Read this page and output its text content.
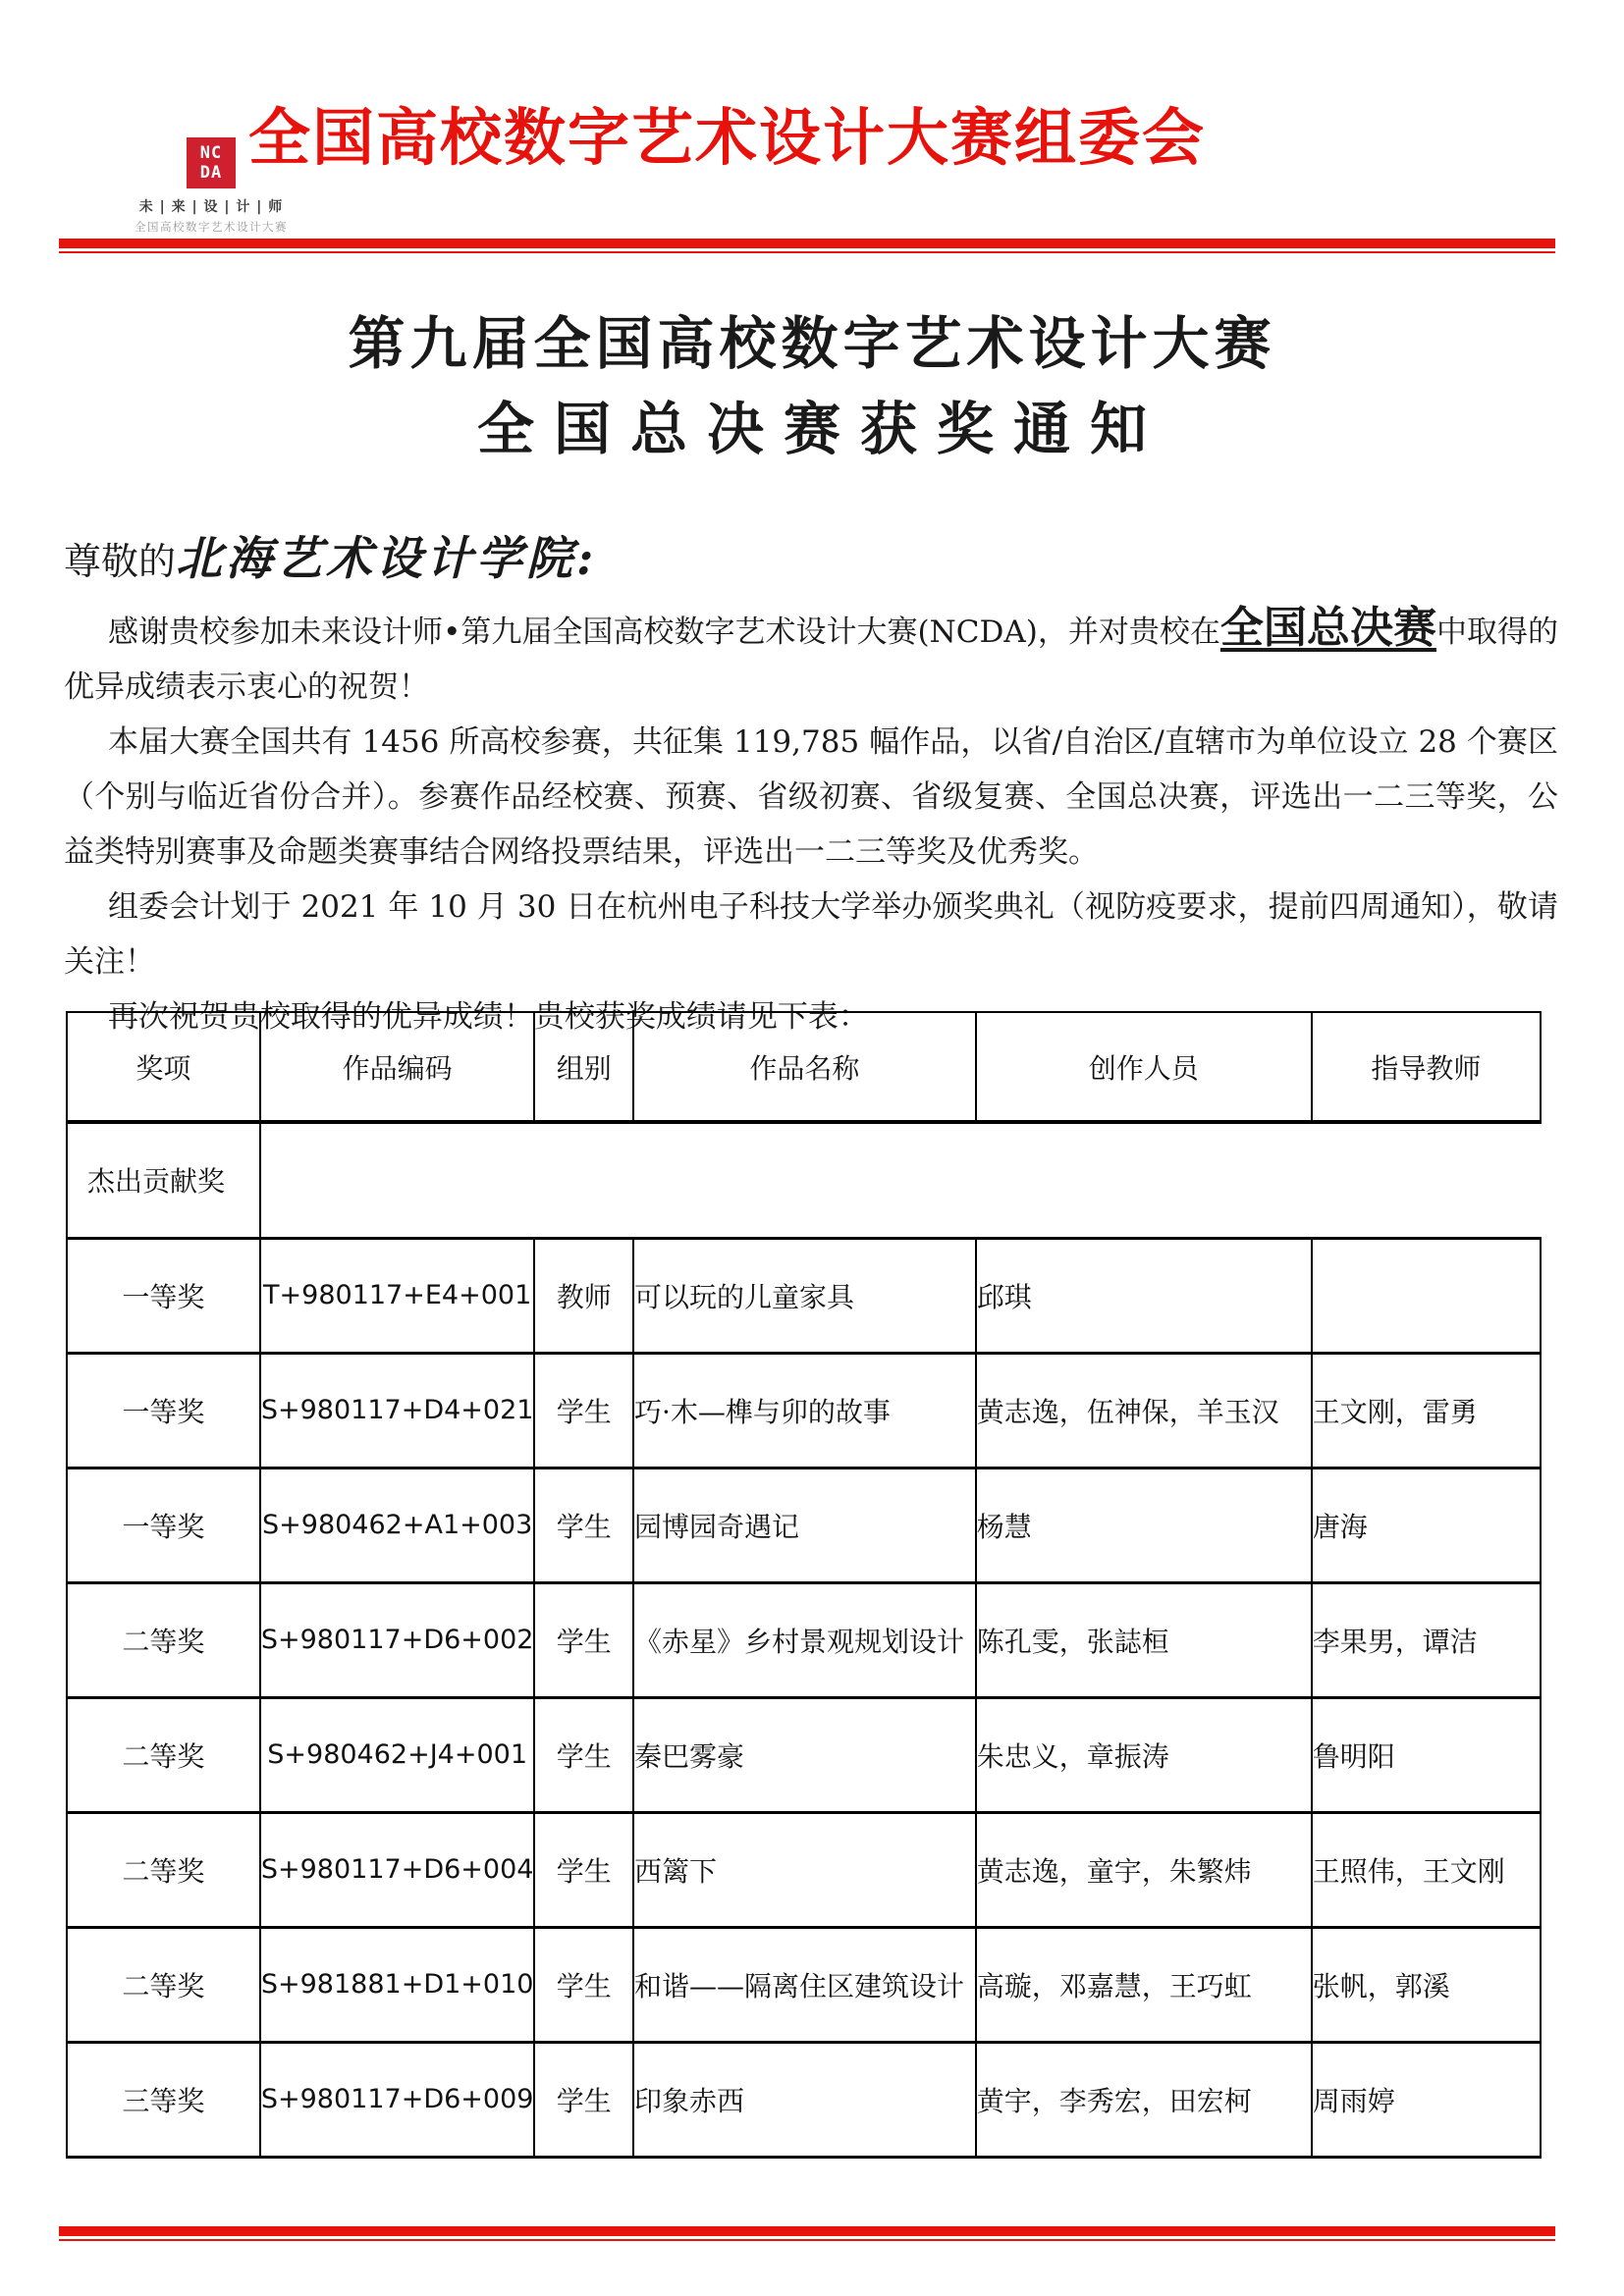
NC
DA
未 | 来 | 设 | 计 | 师
全国高校数字艺术设计大赛
全国高校数字艺术设计大赛组委会
第九届全国高校数字艺术设计大赛
全国总决赛获奖通知
尊敬的北海艺术设计学院:

感谢贵校参加未来设计师•第九届全国高校数字艺术设计大赛(NCDA)，并对贵校在全国总决赛中取得的优异成绩表示衷心的祝贺！

本届大赛全国共有 1456 所高校参赛，共征集 119,785 幅作品，以省/自治区/直辖市为单位设立 28 个赛区（个别与临近省份合并）。参赛作品经校赛、预赛、省级初赛、省级复赛、全国总决赛，评选出一二三等奖，公益类特别赛事及命题类赛事结合网络投票结果，评选出一二三等奖及优秀奖。

组委会计划于 2021 年 10 月 30 日在杭州电子科技大学举办颁奖典礼（视防疫要求，提前四周通知），敬请关注！

再次祝贺贵校取得的优异成绩！贵校获奖成绩请见下表：

奖项	作品编码	组别	作品名称	创作人员	指导教师
杰出贡献奖					
一等奖	T+980117+E4+001	教师	可以玩的儿童家具	邱琪	
一等奖	S+980117+D4+021	学生	巧·木—榫与卯的故事	黄志逸，伍神保，羊玉汉	王文刚，雷勇
一等奖	S+980462+A1+003	学生	园博园奇遇记	杨慧	唐海
二等奖	S+980117+D6+002	学生	《赤星》乡村景观规划设计	陈孔雯，张誌桓	李果男，谭洁
二等奖	S+980462+J4+001	学生	秦巴雾豪	朱忠义，章振涛	鲁明阳
二等奖	S+980117+D6+004	学生	西篱下	黄志逸，童宇，朱繁炜	王照伟，王文刚
二等奖	S+981881+D1+010	学生	和谐——隔离住区建筑设计	高璇，邓嘉慧，王巧虹	张帆，郭溪
三等奖	S+980117+D6+009	学生	印象赤西	黄宇，李秀宏，田宏柯	周雨婷
